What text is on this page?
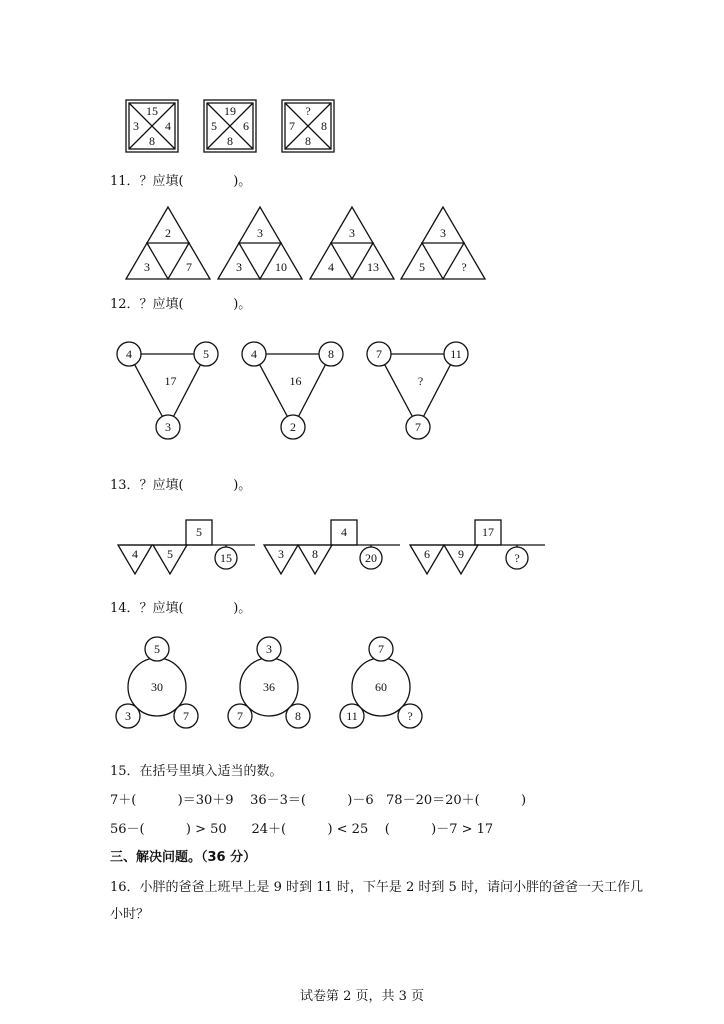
15
3 4
8
19
5 6
8
?
7 8
8
11．？应填(            )。
2
3	7
3
3	10
3
4	13
3
5	?
12．？应填(            )。
4	5
3
17
4	8
2
16
7	11
7
?
13．？应填(            )。
5
4 5	15
4
3 8	20
17
6 9	?
14．？应填(            )。
30
5
3	7
36
3
7	8
60
7
11	?
15．在括号里填入适当的数。
7＋(          )＝30＋9    36－3＝(          )－6   78－20＝20＋(          )
56－(          ) > 50      24＋(          ) < 25    (          )－7 > 17
三、解决问题。（36 分）
16．小胖的爸爸上班早上是 9 时到 11 时，下午是 2 时到 5 时，请问小胖的爸爸一天工作几
小时？
试卷第 2 页，共 3 页
